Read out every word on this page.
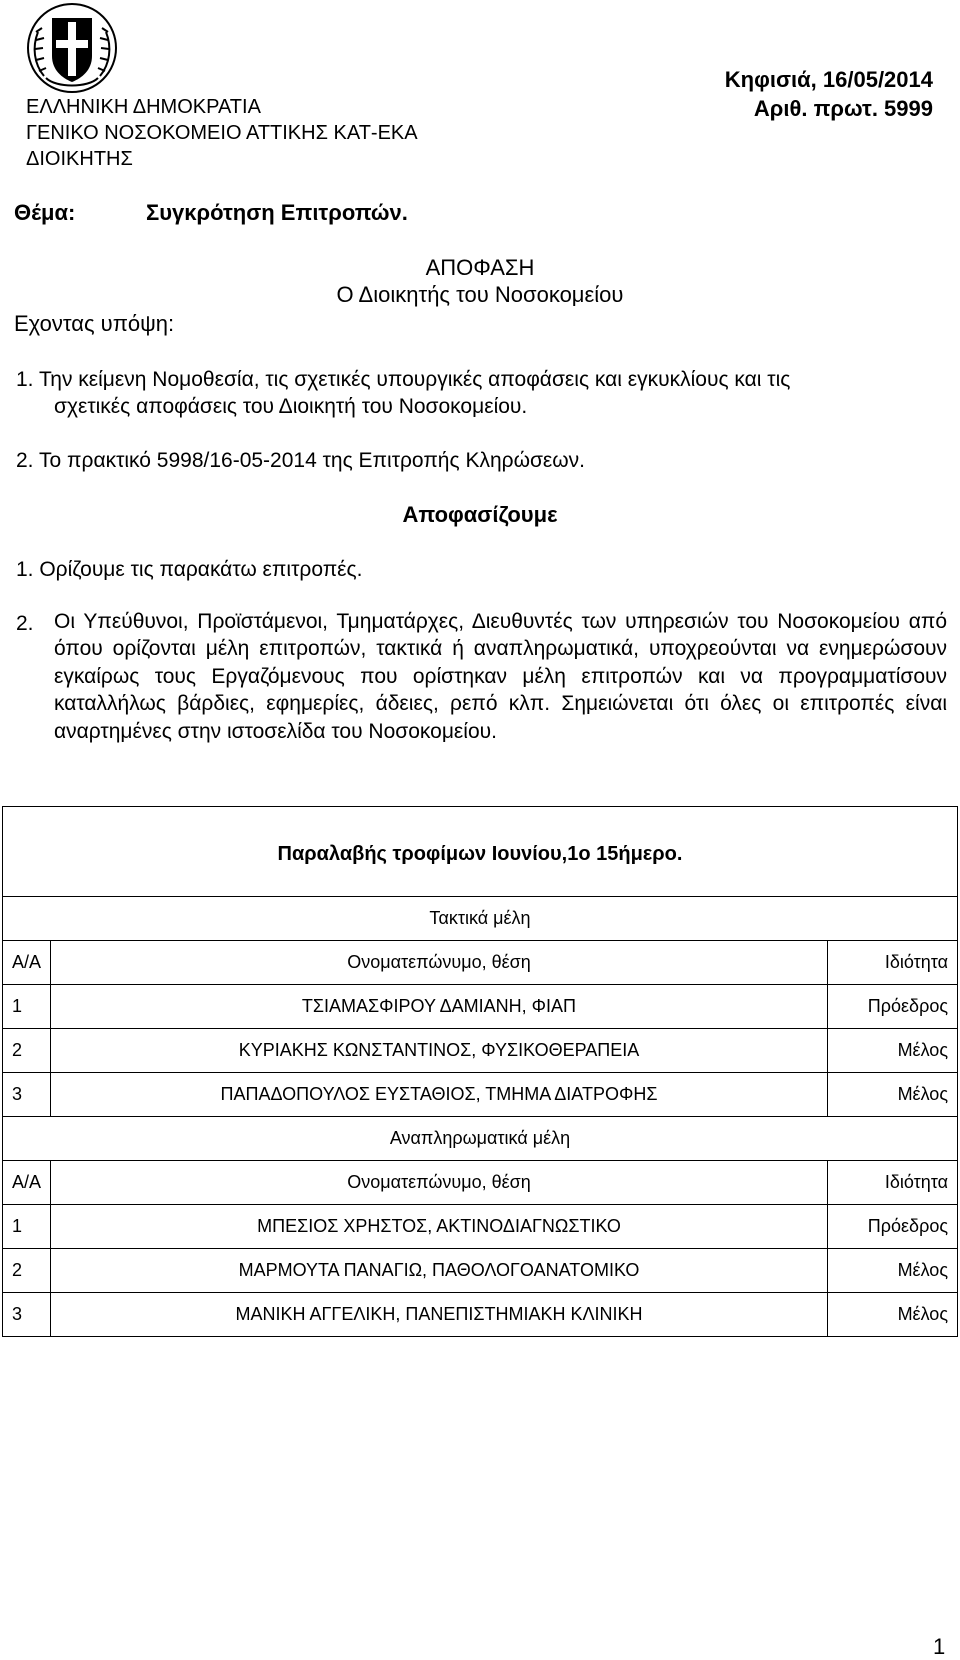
ΕΛΛΗΝΙΚΗ ΔΗΜΟΚΡΑΤΙΑ
ΓΕΝΙΚΟ ΝΟΣΟΚΟΜΕΙΟ ΑΤΤΙΚΗΣ ΚΑΤ-ΕΚΑ
ΔΙΟΙΚΗΤΗΣ
Κηφισιά, 16/05/2014
Αριθ. πρωτ. 5999
Θέμα:	Συγκρότηση Επιτροπών.
ΑΠΟΦΑΣΗ
Ο Διοικητής του Νοσοκομείου
Εχοντας υπόψη:
1. Την κείμενη Νομοθεσία, τις σχετικές υπουργικές αποφάσεις και εγκυκλίους και τις
σχετικές αποφάσεις του Διοικητή του Νοσοκομείου.
2. Το πρακτικό 5998/16-05-2014 της Επιτροπής Κληρώσεων.
Αποφασίζουμε
1. Ορίζουμε τις παρακάτω επιτροπές.
2. Οι Υπεύθυνοι, Προϊστάμενοι, Τμηματάρχες, Διευθυντές των υπηρεσιών του Νοσοκομείου από όπου ορίζονται μέλη επιτροπών, τακτικά ή αναπληρωματικά, υποχρεούνται να ενημερώσουν εγκαίρως τους Εργαζόμενους που ορίστηκαν μέλη επιτροπών και να προγραμματίσουν καταλλήλως βάρδιες, εφημερίες, άδειες, ρεπό κλπ. Σημειώνεται ότι όλες οι επιτροπές είναι αναρτημένες στην ιστοσελίδα του Νοσοκομείου.
Παραλαβής τροφίμων Ιουνίου,1ο 15ήμερο.		
Τακτικά μέλη		
Α/Α	Ονοματεπώνυμο, θέση	Ιδιότητα
1	ΤΣΙΑΜΑΣΦΙΡΟΥ ΔΑΜΙΑΝΗ, ΦΙΑΠ	Πρόεδρος
2	ΚΥΡΙΑΚΗΣ ΚΩΝΣΤΑΝΤΙΝΟΣ, ΦΥΣΙΚΟΘΕΡΑΠΕΙΑ	Μέλος
3	ΠΑΠΑΔΟΠΟΥΛΟΣ ΕΥΣΤΑΘΙΟΣ, ΤΜΗΜΑ ΔΙΑΤΡΟΦΗΣ	Μέλος
Αναπληρωματικά μέλη		
Α/Α	Ονοματεπώνυμο, θέση	Ιδιότητα
1	ΜΠΕΣΙΟΣ ΧΡΗΣΤΟΣ, ΑΚΤΙΝΟΔΙΑΓΝΩΣΤΙΚΟ	Πρόεδρος
2	ΜΑΡΜΟΥΤΑ ΠΑΝΑΓΙΩ, ΠΑΘΟΛΟΓΟΑΝΑΤΟΜΙΚΟ	Μέλος
3	ΜΑΝΙΚΗ ΑΓΓΕΛΙΚΗ, ΠΑΝΕΠΙΣΤΗΜΙΑΚΗ ΚΛΙΝΙΚΗ	Μέλος
1
